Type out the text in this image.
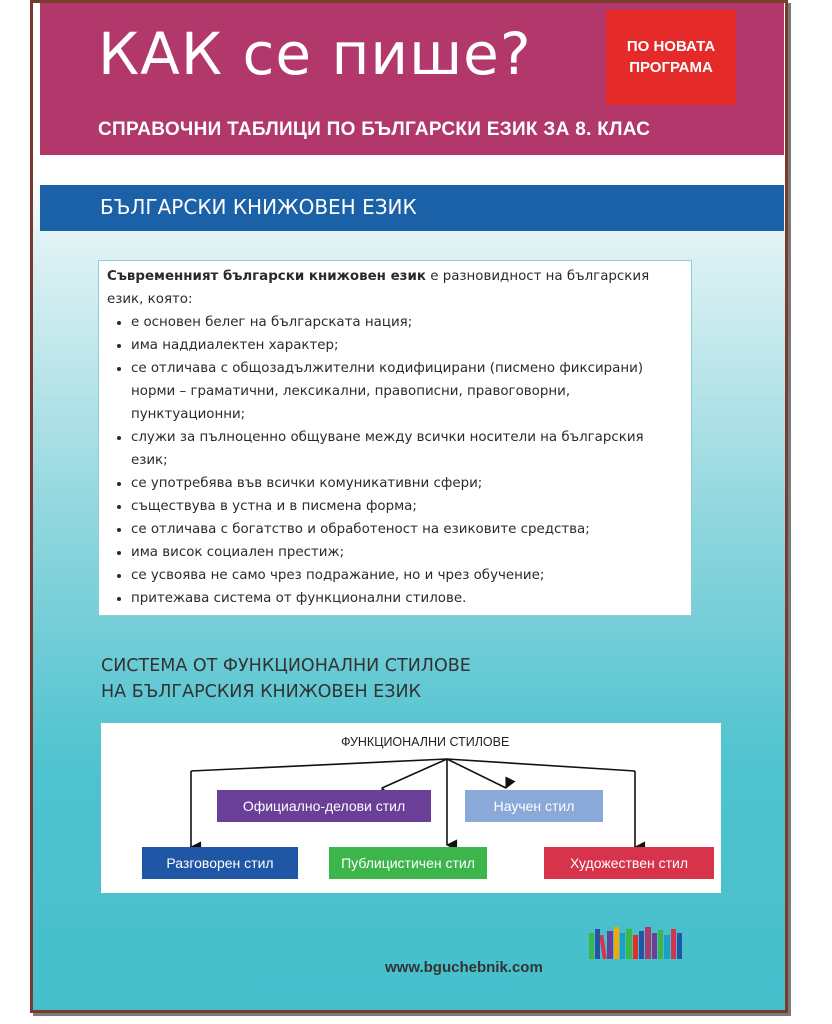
КАК се пише?
СПРАВОЧНИ ТАБЛИЦИ ПО БЪЛГАРСКИ ЕЗИК ЗА 8. КЛАС
ПО НОВАТА
ПРОГРАМА
БЪЛГАРСКИ КНИЖОВЕН ЕЗИК

Съвременният български книжовен език е разновидност на българския език, която:

• е основен белег на българската нация;
• има наддиалектен характер;
• се отличава с общозадължителни кодифицирани (писмено фиксирани) норми – граматични, лексикални, правописни, правоговорни, пунктуационни;
• служи за пълноценно общуване между всички носители на българския език;
• се употребява във всички комуникативни сфери;
• съществува в устна и в писмена форма;
• се отличава с богатство и обработеност на езиковите средства;
• има висок социален престиж;
• се усвоява не само чрез подражание, но и чрез обучение;
• притежава система от функционални стилове.
СИСТЕМА ОТ ФУНКЦИОНАЛНИ СТИЛОВЕ
НА БЪЛГАРСКИЯ КНИЖОВЕН ЕЗИК
ФУНКЦИОНАЛНИ СТИЛОВЕ
Официално-делови стил	Научен стил
Разговорен стил	Публицистичен стил	Художествен стил
www.bguchebnik.com
